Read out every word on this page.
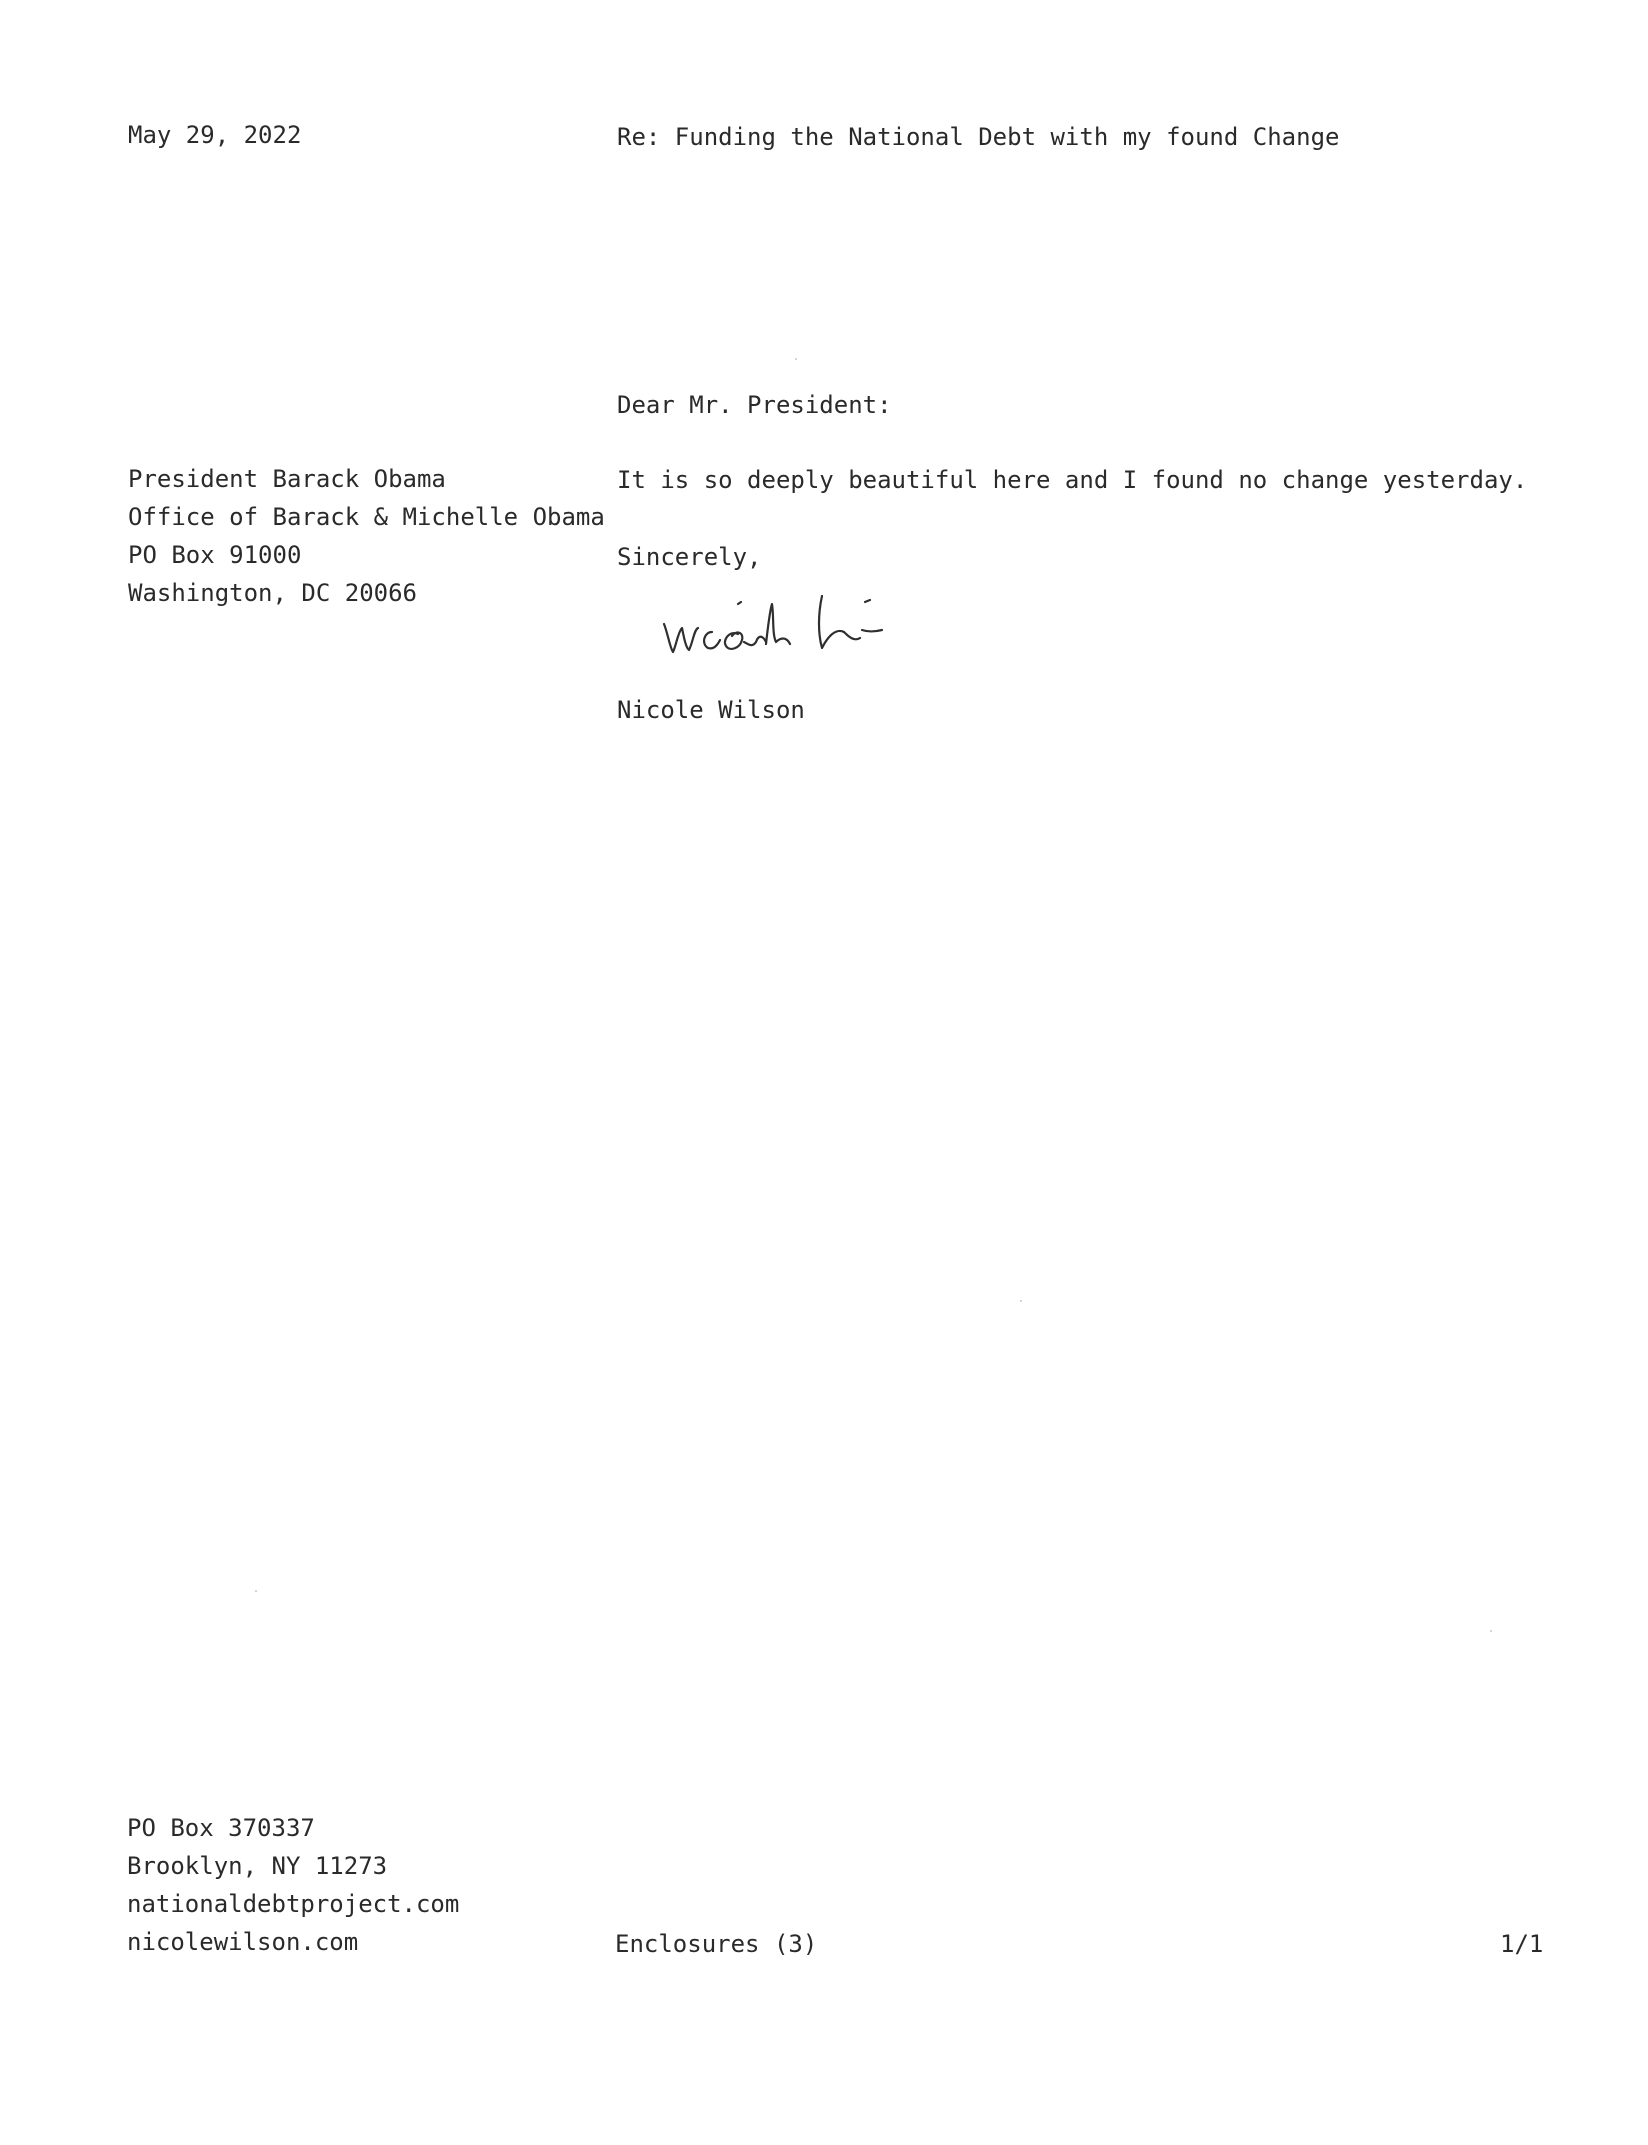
May 29, 2022	Re: Funding the National Debt with my found Change
Dear Mr. President:
President Barack Obama
Office of Barack & Michelle Obama
PO Box 91000
Washington, DC 20066
It is so deeply beautiful here and I found no change yesterday.
Sincerely,
Nicole Wilson
PO Box 370337
Brooklyn, NY 11273
nationaldebtproject.com
nicolewilson.com	Enclosures (3)	1/1
